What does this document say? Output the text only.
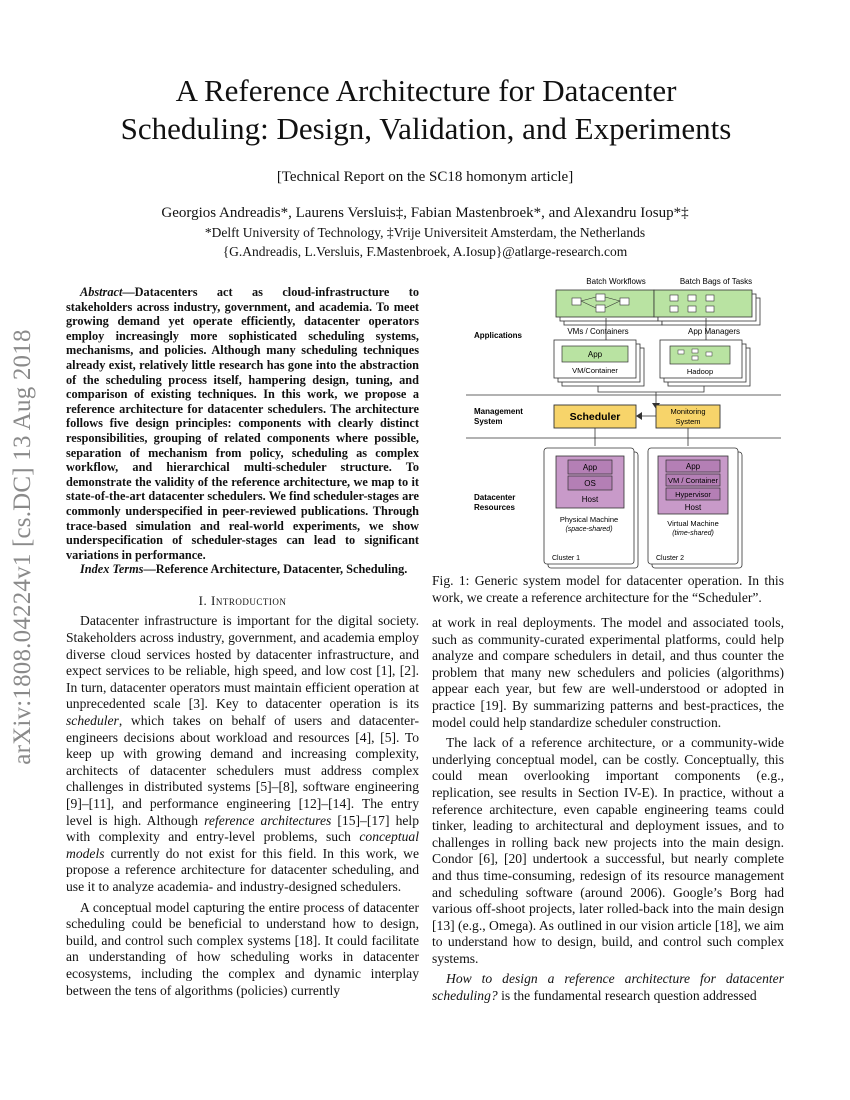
arXiv:1808.04224v1 [cs.DC] 13 Aug 2018
A Reference Architecture for Datacenter
Scheduling: Design, Validation, and Experiments
[Technical Report on the SC18 homonym article]
Georgios Andreadis*, Laurens Versluis‡, Fabian Mastenbroek*, and Alexandru Iosup*‡
*Delft University of Technology, ‡Vrije Universiteit Amsterdam, the Netherlands
{G.Andreadis, L.Versluis, F.Mastenbroek, A.Iosup}@atlarge-research.com

Abstract—Datacenters act as cloud-infrastructure to stakeholders across industry, government, and academia. To meet growing demand yet operate efficiently, datacenter operators employ increasingly more sophisticated scheduling systems, mechanisms, and policies. Although many scheduling techniques already exist, relatively little research has gone into the abstraction of the scheduling process itself, hampering design, tuning, and comparison of existing techniques. In this work, we propose a reference architecture for datacenter schedulers. The architecture follows five design principles: components with clearly distinct responsibilities, grouping of related components where possible, separation of mechanism from policy, scheduling as complex workflow, and hierarchical multi-scheduler structure. To demonstrate the validity of the reference architecture, we map to it state-of-the-art datacenter schedulers. We find scheduler-stages are commonly underspecified in peer-reviewed publications. Through trace-based simulation and real-world experiments, we show underspecification of scheduler-stages can lead to significant variations in performance.

Index Terms—Reference Architecture, Datacenter, Scheduling.

I. Introduction

Datacenter infrastructure is important for the digital society. Stakeholders across industry, government, and academia employ diverse cloud services hosted by datacenter infrastructure, and expect services to be reliable, high speed, and low cost [1], [2]. In turn, datacenter operators must maintain efficient operation at unprecedented scale [3]. Key to datacenter operation is its scheduler, which takes on behalf of users and datacenter-engineers decisions about workload and resources [4], [5]. To keep up with growing demand and increasing complexity, architects of datacenter schedulers must address complex challenges in distributed systems [5]–[8], software engineering [9]–[11], and performance engineering [12]–[14]. The entry level is high. Although reference architectures [15]–[17] help with complexity and entry-level problems, such conceptual models currently do not exist for this field. In this work, we propose a reference architecture for datacenter scheduling, and use it to analyze academia- and industry-designed schedulers.

A conceptual model capturing the entire process of datacenter scheduling could be beneficial to understand how to design, build, and control such complex systems [18]. It could facilitate an understanding of how scheduling works in datacenter ecosystems, including the complex and dynamic interplay between the tens of algorithms (policies) currently

Batch Workflows	Batch Bags of Tasks
Applications	VMs / Containers	App Managers
App
VM/Container	Hadoop
Management
System	Scheduler	Monitoring
System
Datacenter
Resources
App
OS
Host
Physical Machine
(space-shared)
Cluster 1
App
VM / Container
Hypervisor
Host
Virtual Machine
(time-shared)
Cluster 2
Fig. 1: Generic system model for datacenter operation. In this work, we create a reference architecture for the “Scheduler”.

at work in real deployments. The model and associated tools, such as community-curated experimental platforms, could help analyze and compare schedulers in detail, and thus counter the problem that many new schedulers and policies (algorithms) appear each year, but few are well-understood or adopted in practice [19]. By summarizing patterns and best-practices, the model could help standardize scheduler construction.

The lack of a reference architecture, or a community-wide underlying conceptual model, can be costly. Conceptually, this could mean overlooking important components (e.g., replication, see results in Section IV-E). In practice, without a reference architecture, even capable engineering teams could tinker, leading to architectural and deployment issues, and to challenges in rolling back new projects into the main design. Condor [6], [20] undertook a successful, but nearly complete and thus time-consuming, redesign of its resource management and scheduling software (around 2006). Google’s Borg had various off-shoot projects, later rolled-back into the main design [13] (e.g., Omega). As outlined in our vision article [18], we aim to understand how to design, build, and control such complex systems.

How to design a reference architecture for datacenter scheduling? is the fundamental research question addressed
